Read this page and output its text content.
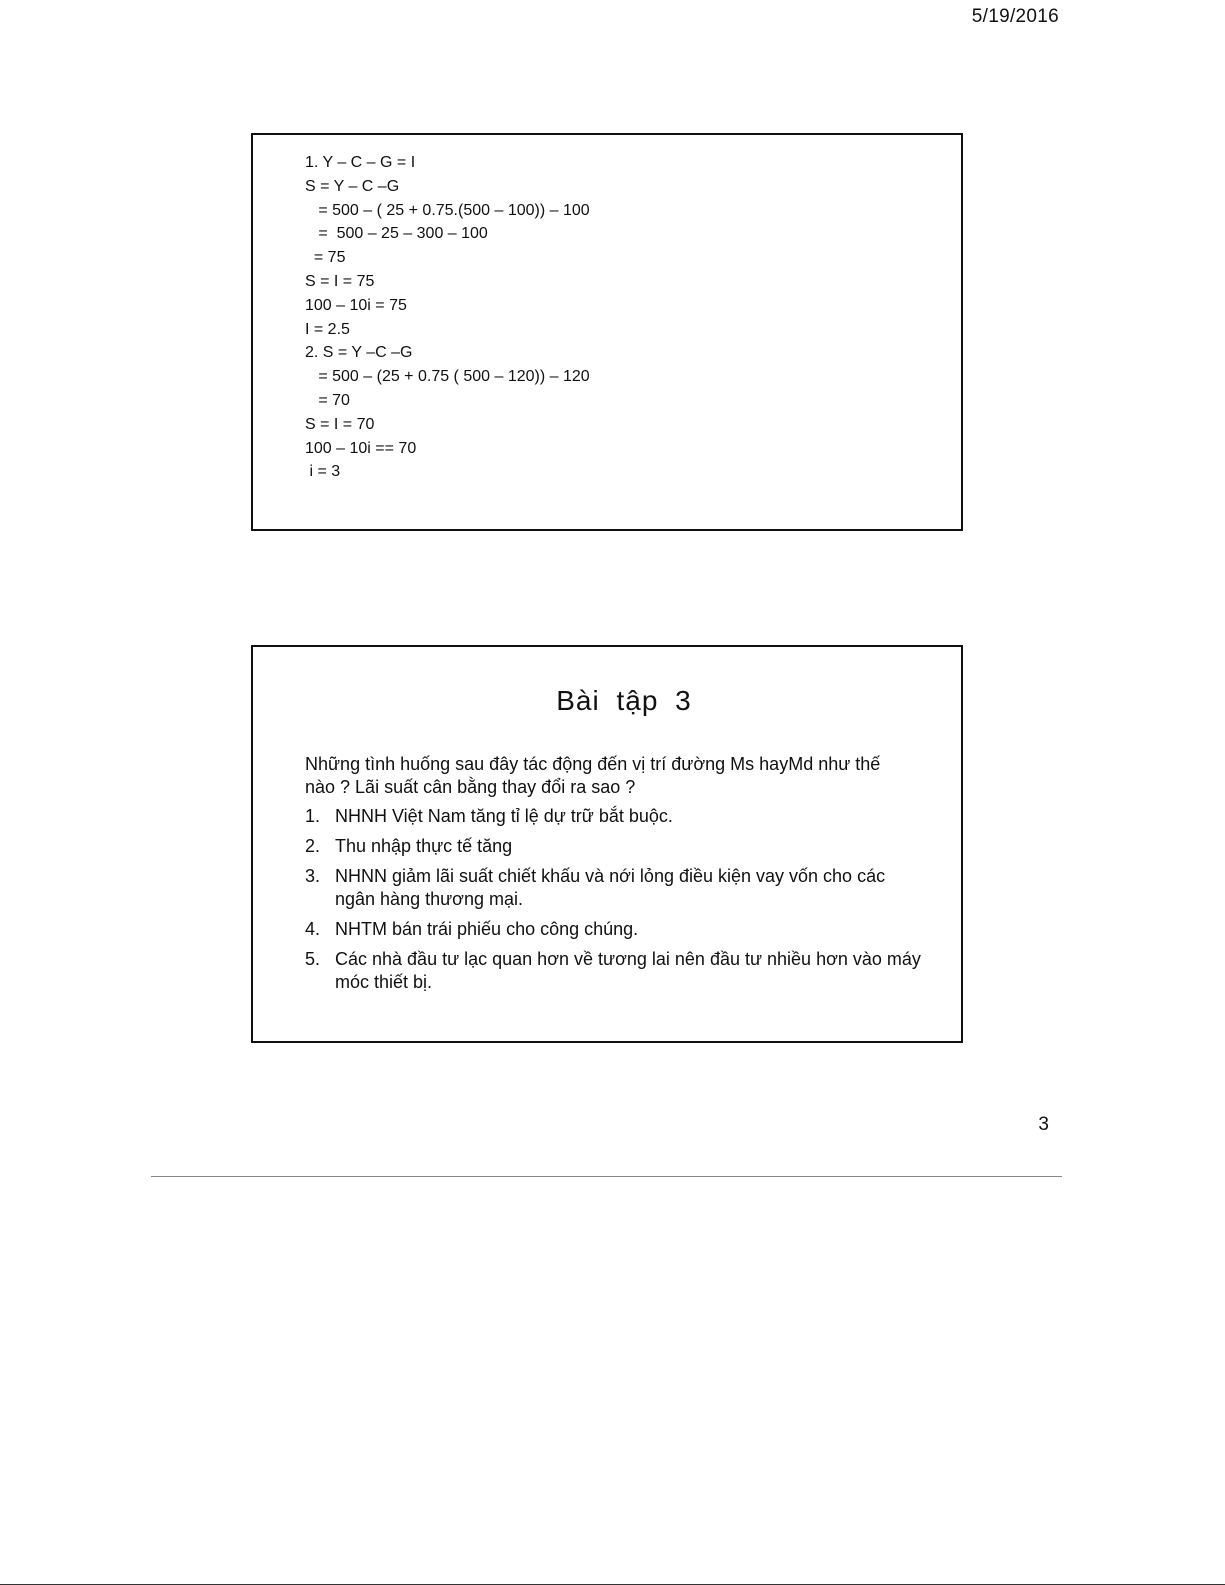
5/19/2016
1. Y – C – G = I
S = Y – C –G
= 500 – ( 25 + 0.75.(500 – 100)) – 100
=  500 – 25 – 300 – 100
= 75
S = I = 75
100 – 10i = 75
I = 2.5
2. S = Y –C –G
= 500 – (25 + 0.75 ( 500 – 120)) – 120
= 70
S = I = 70
100 – 10i == 70
i = 3
Bài tập 3

Những tình huống sau đây tác động đến vị trí đường Ms hayMd như thế nào ? Lãi suất cân bằng thay đổi ra sao ?

1. NHNH Việt Nam tăng tỉ lệ dự trữ bắt buộc.
2. Thu nhập thực tế tăng
3. NHNN giảm lãi suất chiết khấu và nới lỏng điều kiện vay vốn cho các ngân hàng thương mại.
4. NHTM bán trái phiếu cho công chúng.
5. Các nhà đầu tư lạc quan hơn về tương lai nên đầu tư nhiều hơn vào máy móc thiết bị.
3
